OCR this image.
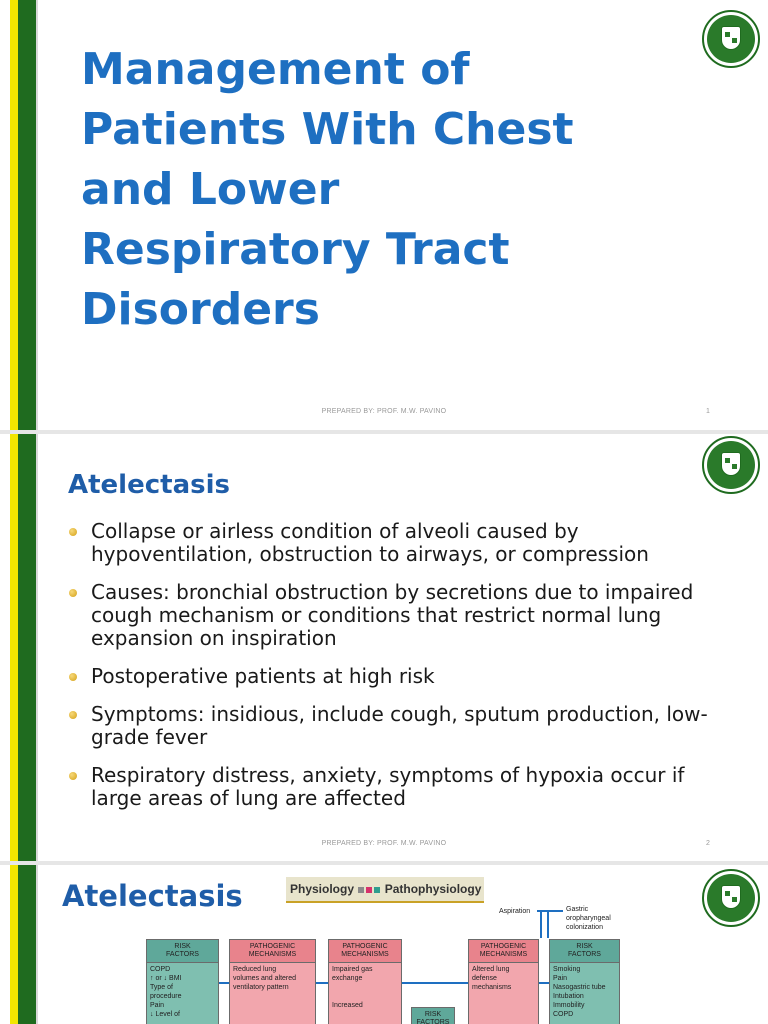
Management of
Patients With Chest
and Lower
Respiratory Tract
Disorders
PREPARED BY: PROF. M.W. PAVINO	1
Atelectasis
Collapse or airless condition of alveoli caused by hypoventilation, obstruction to airways, or compression
Causes: bronchial obstruction by secretions due to impaired cough mechanism or conditions that restrict normal lung expansion on inspiration
Postoperative patients at high risk
Symptoms: insidious, include cough, sputum production, low-grade fever
Respiratory distress, anxiety, symptoms of hypoxia occur if large areas of lung are affected
PREPARED BY: PROF. M.W. PAVINO	2
Atelectasis	Physiology	Pathophysiology
Aspiration	Gastric
oropharyngeal
colonization
RISK
FACTORS
COPD
↑ or ↓ BMI
Type of
procedure
Pain
↓ Level of
PATHOGENIC
MECHANISMS
Reduced lung
volumes and altered
ventilatory pattern
PATHOGENIC
MECHANISMS
Impaired gas
exchange

Increased
RISK
FACTORS
PATHOGENIC
MECHANISMS
Altered lung
defense
mechanisms
RISK
FACTORS
Smoking
Pain
Nasogastric tube
Intubation
Immobility
COPD
